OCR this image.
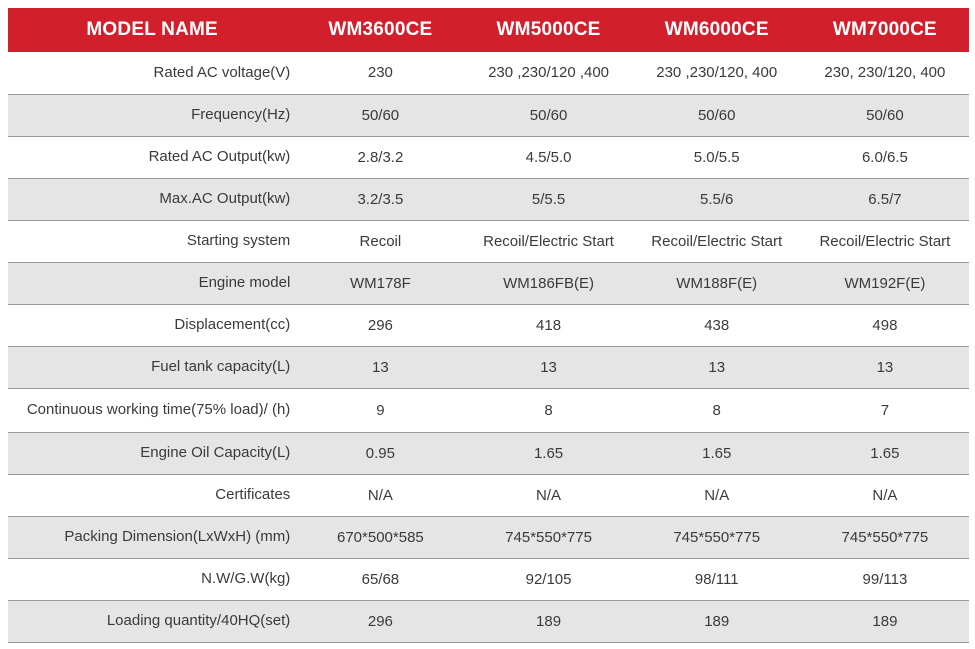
MODEL NAME	WM3600CE	WM5000CE	WM6000CE	WM7000CE
Rated AC voltage(V)	230	230 ,230/120 ,400	230 ,230/120, 400	230, 230/120, 400
Frequency(Hz)	50/60	50/60	50/60	50/60
Rated AC Output(kw)	2.8/3.2	4.5/5.0	5.0/5.5	6.0/6.5
Max.AC Output(kw)	3.2/3.5	5/5.5	5.5/6	6.5/7
Starting system	Recoil	Recoil/Electric Start	Recoil/Electric Start	Recoil/Electric Start
Engine model	WM178F	WM186FB(E)	WM188F(E)	WM192F(E)
Displacement(cc)	296	418	438	498
Fuel tank capacity(L)	13	13	13	13
Continuous working time(75% load)/ (h)	9	8	8	7
Engine Oil Capacity(L)	0.95	1.65	1.65	1.65
Certificates	N/A	N/A	N/A	N/A
Packing Dimension(LxWxH) (mm)	670*500*585	745*550*775	745*550*775	745*550*775
N.W/G.W(kg)	65/68	92/105	98/111	99/113
Loading quantity/40HQ(set)	296	189	189	189
